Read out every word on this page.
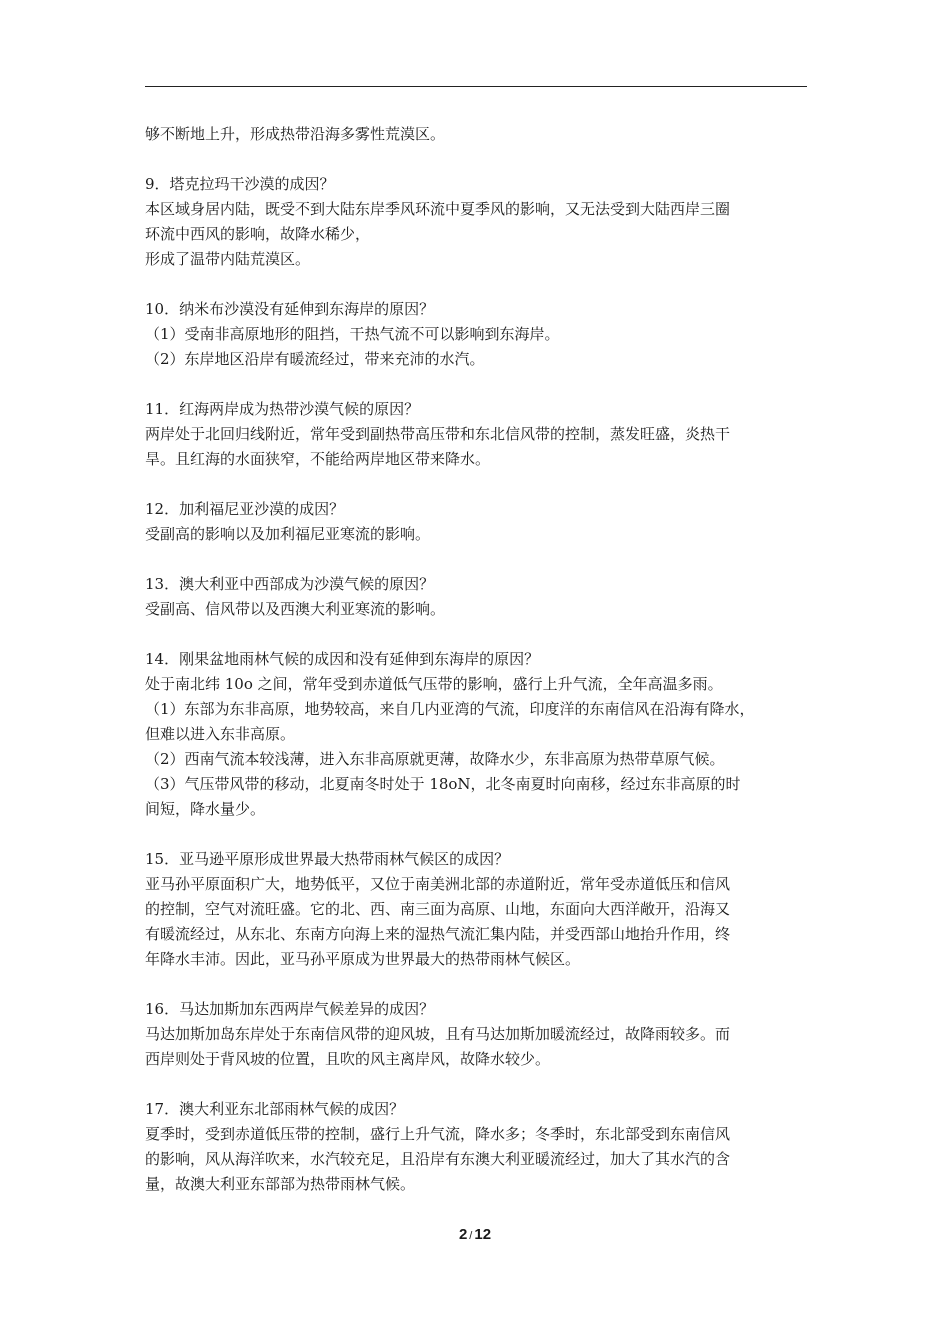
够不断地上升，形成热带沿海多雾性荒漠区。

9．塔克拉玛干沙漠的成因？

本区域身居内陆，既受不到大陆东岸季风环流中夏季风的影响，又无法受到大陆西岸三圈

环流中西风的影响，故降水稀少，

形成了温带内陆荒漠区。

10．纳米布沙漠没有延伸到东海岸的原因？

（1）受南非高原地形的阻挡，干热气流不可以影响到东海岸。

（2）东岸地区沿岸有暖流经过，带来充沛的水汽。

11．红海两岸成为热带沙漠气候的原因？

两岸处于北回归线附近，常年受到副热带高压带和东北信风带的控制，蒸发旺盛，炎热干

旱。且红海的水面狭窄，不能给两岸地区带来降水。

12．加利福尼亚沙漠的成因？

受副高的影响以及加利福尼亚寒流的影响。

13．澳大利亚中西部成为沙漠气候的原因？

受副高、信风带以及西澳大利亚寒流的影响。

14．刚果盆地雨林气候的成因和没有延伸到东海岸的原因？

处于南北纬 10o 之间，常年受到赤道低气压带的影响，盛行上升气流，全年高温多雨。

（1）东部为东非高原，地势较高，来自几内亚湾的气流，印度洋的东南信风在沿海有降水，

但难以进入东非高原。

（2）西南气流本较浅薄，进入东非高原就更薄，故降水少，东非高原为热带草原气候。

（3）气压带风带的移动，北夏南冬时处于 18oN，北冬南夏时向南移，经过东非高原的时

间短，降水量少。

15．亚马逊平原形成世界最大热带雨林气候区的成因？

亚马孙平原面积广大，地势低平，又位于南美洲北部的赤道附近，常年受赤道低压和信风

的控制，空气对流旺盛。它的北、西、南三面为高原、山地，东面向大西洋敞开，沿海又

有暖流经过，从东北、东南方向海上来的湿热气流汇集内陆，并受西部山地抬升作用，终

年降水丰沛。因此，亚马孙平原成为世界最大的热带雨林气候区。

16．马达加斯加东西两岸气候差异的成因？

马达加斯加岛东岸处于东南信风带的迎风坡，且有马达加斯加暖流经过，故降雨较多。而

西岸则处于背风坡的位置，且吹的风主离岸风，故降水较少。

17．澳大利亚东北部雨林气候的成因？

夏季时，受到赤道低压带的控制，盛行上升气流，降水多；冬季时，东北部受到东南信风

的影响，风从海洋吹来，水汽较充足，且沿岸有东澳大利亚暖流经过，加大了其水汽的含

量，故澳大利亚东部部为热带雨林气候。

2 / 12
